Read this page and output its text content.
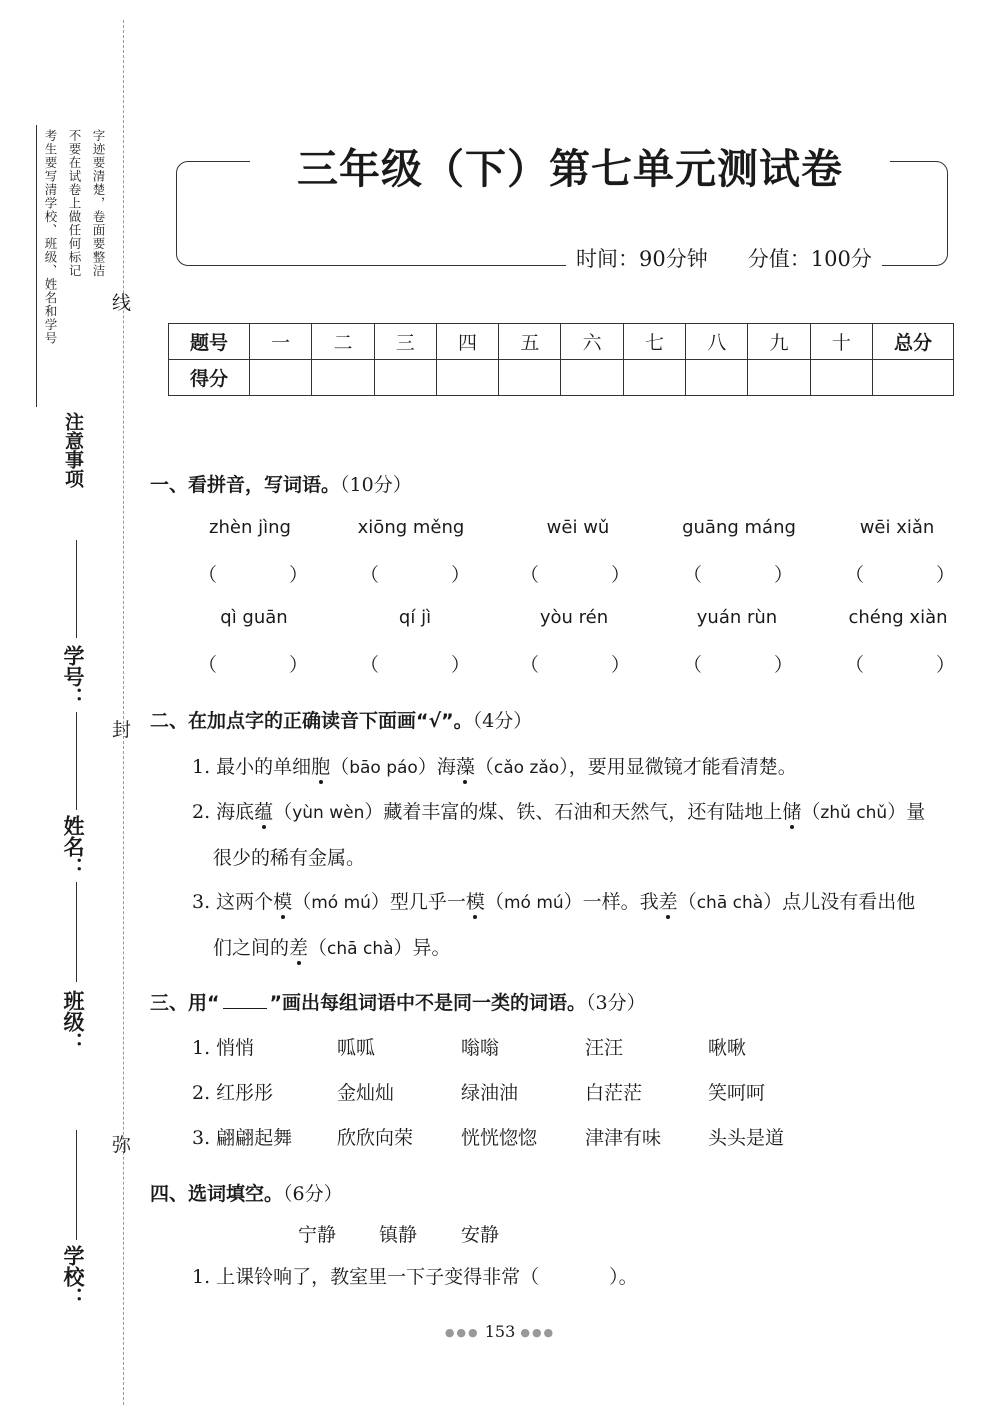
考生要写清学校、班级、姓名和学号 不要在试卷上做任何标记 字迹要清楚，卷面要整洁
注意事项
线
封
弥
学号：
姓名：
班级：
学校：
三年级（下）第七单元测试卷
时间：90分钟 分值：100分
题号	一	二	三	四	五	六	七	八	九	十	总分
得分											
一、看拼音，写词语。（10分）
zhèn jìng	xiōng měng	wēi wǔ	guāng máng	wēi xiǎn
（	）	（	）	（	）	（	）	（	）
qì guān	qí jì	yòu rén	yuán rùn	chéng xiàn
（	）	（	）	（	）	（	）	（	）
二、在加点字的正确读音下面画“√”。（4分）
1. 最小的单细胞（bāo páo）海藻（cǎo zǎo），要用显微镜才能看清楚。
2. 海底蕴（yùn wèn）藏着丰富的煤、铁、石油和天然气，还有陆地上储（zhǔ chǔ）量
很少的稀有金属。
3. 这两个模（mó mú）型几乎一模（mó mú）一样。我差（chā chà）点儿没有看出他
们之间的差（chā chà）异。
三、用“	”画出每组词语中不是同一类的词语。（3分）
1. 悄悄	呱呱	嗡嗡	汪汪	啾啾
2. 红彤彤	金灿灿	绿油油	白茫茫	笑呵呵
3. 翩翩起舞 欣欣向荣	恍恍惚惚	津津有味 头头是道
四、选词填空。（6分）
宁静 镇静 安静
1. 上课铃响了，教室里一下子变得非常（	）。
●●● 153 ●●●
